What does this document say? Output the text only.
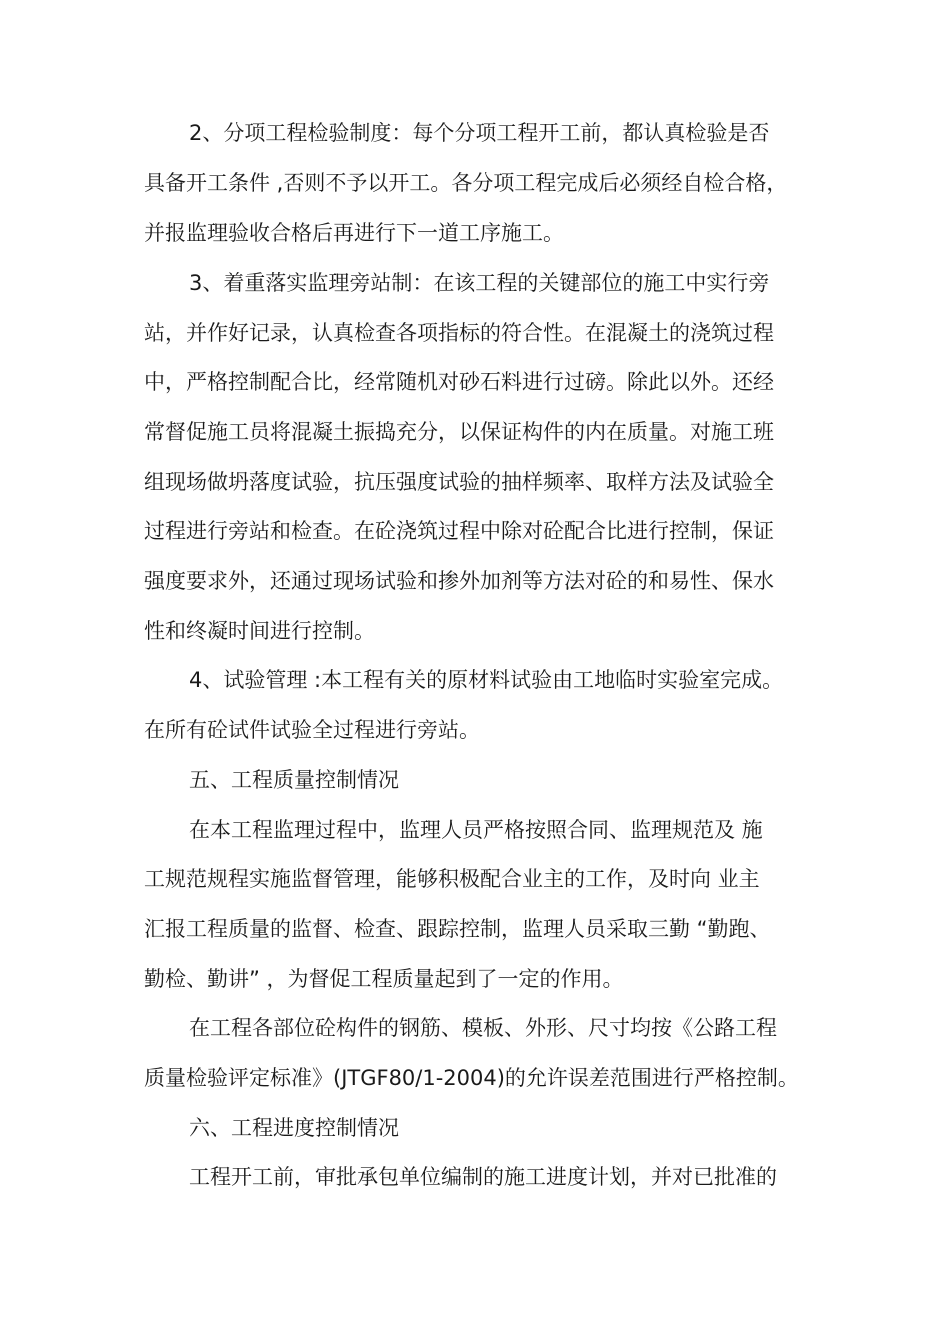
2、分项工程检验制度：每个分项工程开工前，都认真检验是否
具备开工条件 ,否则不予以开工。各分项工程完成后必须经自检合格，
并报监理验收合格后再进行下一道工序施工。
3、着重落实监理旁站制：在该工程的关键部位的施工中实行旁
站，并作好记录，认真检查各项指标的符合性。在混凝土的浇筑过程
中，严格控制配合比，经常随机对砂石料进行过磅。除此以外。还经
常督促施工员将混凝土振捣充分，以保证构件的内在质量。对施工班
组现场做坍落度试验，抗压强度试验的抽样频率、取样方法及试验全
过程进行旁站和检查。在砼浇筑过程中除对砼配合比进行控制，保证
强度要求外，还通过现场试验和掺外加剂等方法对砼的和易性、保水
性和终凝时间进行控制。
4、试验管理 :本工程有关的原材料试验由工地临时实验室完成。
在所有砼试件试验全过程进行旁站。
五、工程质量控制情况
在本工程监理过程中，监理人员严格按照合同、监理规范及 施
工规范规程实施监督管理，能够积极配合业主的工作，及时向 业主
汇报工程质量的监督、检查、跟踪控制，监理人员采取三勤 “勤跑、
勤检、勤讲” ，为督促工程质量起到了一定的作用。
在工程各部位砼构件的钢筋、模板、外形、尺寸均按《公路工程
质量检验评定标准》(JTGF80/1-2004)的允许误差范围进行严格控制。
六、工程进度控制情况
工程开工前，审批承包单位编制的施工进度计划，并对已批准的
